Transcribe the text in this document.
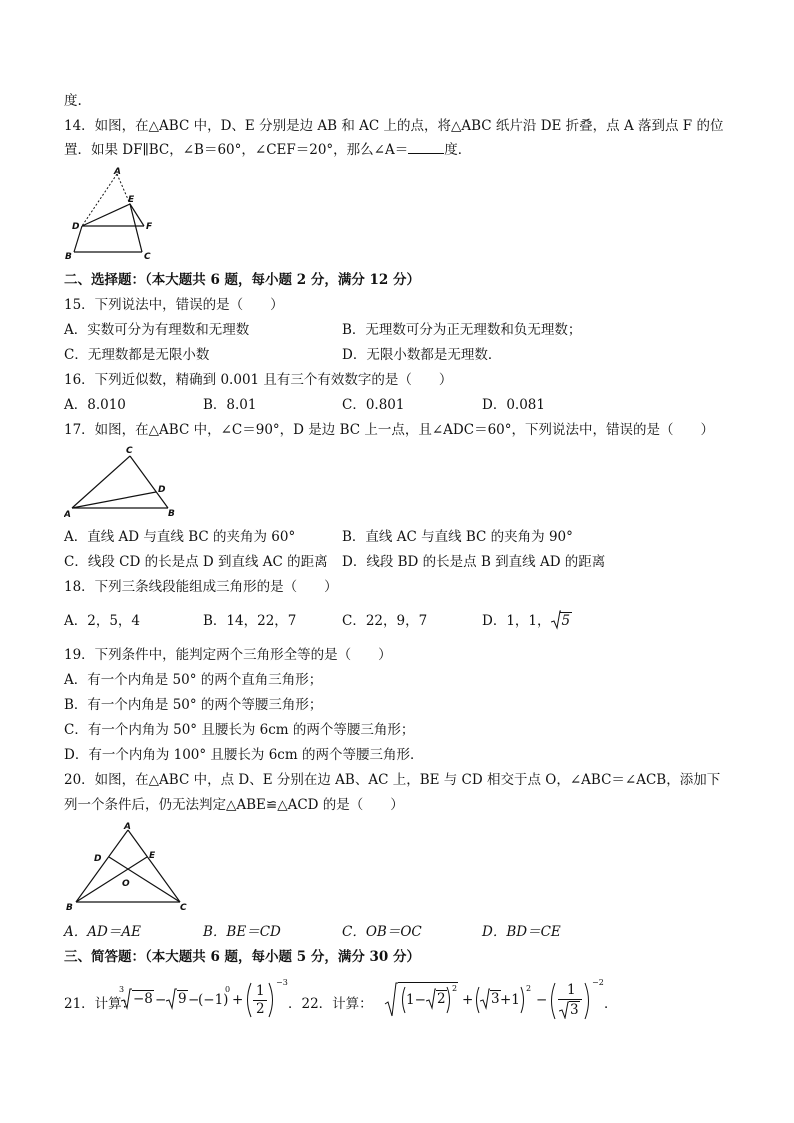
度.
14．如图，在△ABC 中，D、E 分别是边 AB 和 AC 上的点，将△ABC 纸片沿 DE 折叠，点 A 落到点 F 的位
置．如果 DF∥BC，∠B＝60°，∠CEF＝20°，那么∠A＝	度．
A
E
D	F
B	C
二、选择题：（本大题共 6 题，每小题 2 分，满分 12 分）
15．下列说法中，错误的是（　　）
A．实数可分为有理数和无理数	B．无理数可分为正无理数和负无理数；
C．无理数都是无限小数	D．无限小数都是无理数．
16．下列近似数，精确到 0.001 且有三个有效数字的是（　　）
A．8.010	B．8.01	C．0.801	D．0.081
17．如图，在△ABC 中，∠C＝90°，D 是边 BC 上一点，且∠ADC＝60°，下列说法中，错误的是（　　）
C
D
A	B
A．直线 AD 与直线 BC 的夹角为 60°	B．直线 AC 与直线 BC 的夹角为 90°
C．线段 CD 的长是点 D 到直线 AC 的距离 D．线段 BD 的长是点 B 到直线 AD 的距离
18．下列三条线段能组成三角形的是（　　）
A．2，5，4	B．14，22，7	C．22，9，7	D．1，1， 5
19．下列条件中，能判定两个三角形全等的是（　　）
A．有一个内角是 50° 的两个直角三角形；
B．有一个内角是 50° 的两个等腰三角形；
C．有一个内角为 50° 且腰长为 6cm 的两个等腰三角形；
D．有一个内角为 100° 且腰长为 6cm 的两个等腰三角形．
20．如图，在△ABC 中，点 D、E 分别在边 AB、AC 上，BE 与 CD 相交于点 O，∠ABC＝∠ACB，添加下
列一个条件后，仍无法判定△ABE≌△ACD 的是（　　）
A
D	E
O
B	C
A．AD＝AE	B．BE＝CD	C．OB＝OC	D．BD＝CE
三、简答题：（本大题共 6 题，每小题 5 分，满分 30 分）
21．计算：
3
−8 − 9 −
(−1)
0
+
1
2
−3
．22．计算： 1− 2
2
+ 3 +1
2
−
1
3
−2
．
